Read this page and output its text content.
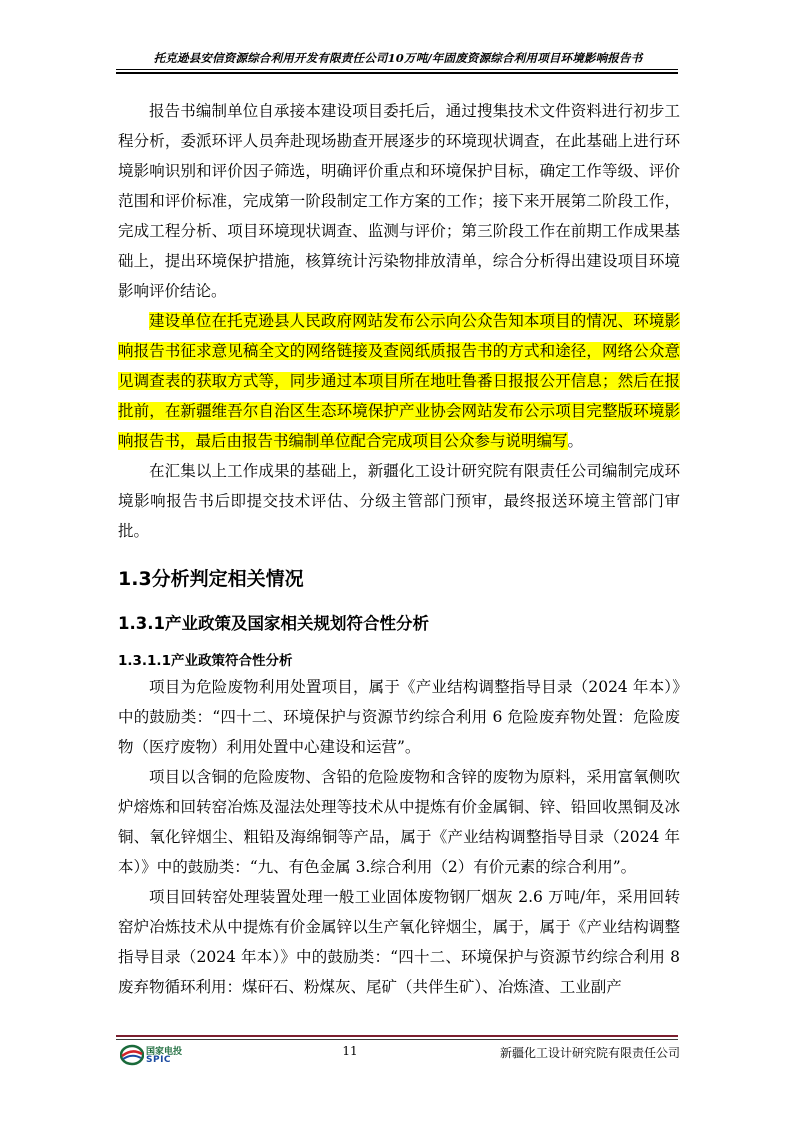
托克逊县安信资源综合利用开发有限责任公司10万吨/年固废资源综合利用项目环境影响报告书

报告书编制单位自承接本建设项目委托后，通过搜集技术文件资料进行初步工程分析，委派环评人员奔赴现场勘查开展逐步的环境现状调查，在此基础上进行环境影响识别和评价因子筛选，明确评价重点和环境保护目标，确定工作等级、评价范围和评价标准，完成第一阶段制定工作方案的工作；接下来开展第二阶段工作，完成工程分析、项目环境现状调查、监测与评价；第三阶段工作在前期工作成果基础上，提出环境保护措施，核算统计污染物排放清单，综合分析得出建设项目环境影响评价结论。

建设单位在托克逊县人民政府网站发布公示向公众告知本项目的情况、环境影响报告书征求意见稿全文的网络链接及查阅纸质报告书的方式和途径，网络公众意见调查表的获取方式等，同步通过本项目所在地吐鲁番日报报公开信息；然后在报批前，在新疆维吾尔自治区生态环境保护产业协会网站发布公示项目完整版环境影响报告书，最后由报告书编制单位配合完成项目公众参与说明编写。

在汇集以上工作成果的基础上，新疆化工设计研究院有限责任公司编制完成环境影响报告书后即提交技术评估、分级主管部门预审，最终报送环境主管部门审批。

1.3分析判定相关情况
1.3.1产业政策及国家相关规划符合性分析
1.3.1.1产业政策符合性分析

项目为危险废物利用处置项目，属于《产业结构调整指导目录（2024 年本）》中的鼓励类：“四十二、环境保护与资源节约综合利用 6 危险废弃物处置：危险废物（医疗废物）利用处置中心建设和运营”。

项目以含铜的危险废物、含铅的危险废物和含锌的废物为原料，采用富氧侧吹炉熔炼和回转窑冶炼及湿法处理等技术从中提炼有价金属铜、锌、铅回收黑铜及冰铜、氧化锌烟尘、粗铅及海绵铜等产品，属于《产业结构调整指导目录（2024 年本）》中的鼓励类：“九、有色金属 3.综合利用（2）有价元素的综合利用”。

项目回转窑处理装置处理一般工业固体废物钢厂烟灰 2.6 万吨/年，采用回转窑炉冶炼技术从中提炼有价金属锌以生产氧化锌烟尘，属于，属于《产业结构调整指导目录（2024 年本）》中的鼓励类：“四十二、环境保护与资源节约综合利用 8 废弃物循环利用：煤矸石、粉煤灰、尾矿（共伴生矿）、冶炼渣、工业副产

国家电投
SPIC
11	新疆化工设计研究院有限责任公司
